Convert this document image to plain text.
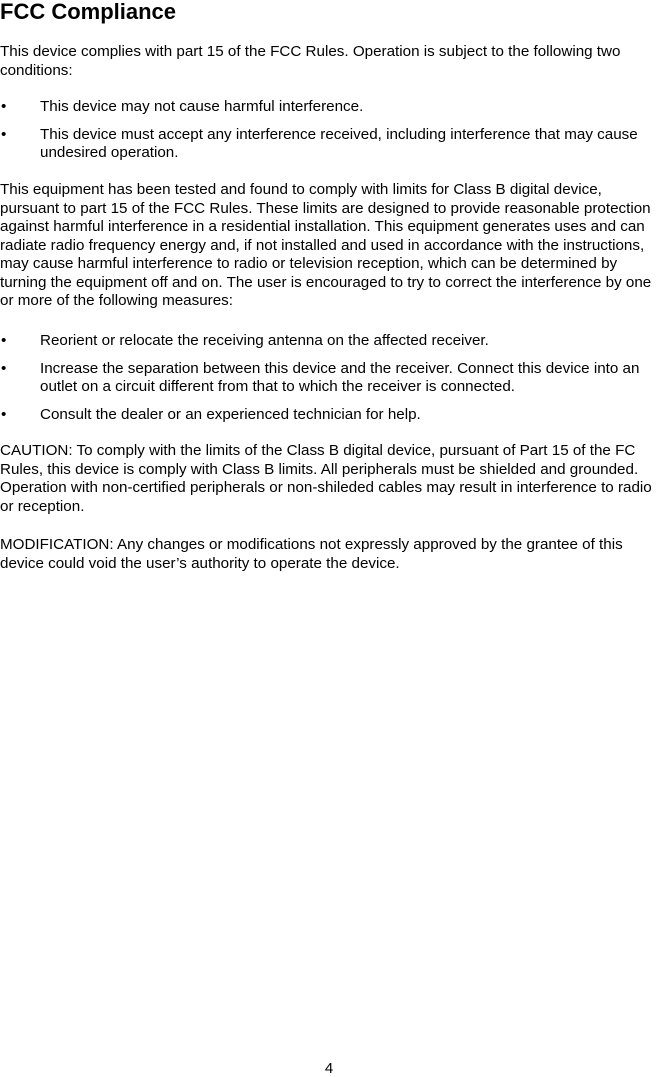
FCC Compliance

This device complies with part 15 of the FCC Rules. Operation is subject to the following two conditions:

•	This device may not cause harmful interference.
•	This device must accept any interference received, including interference that may cause undesired operation.

This equipment has been tested and found to comply with limits for Class B digital device, pursuant to part 15 of the FCC Rules. These limits are designed to provide reasonable protection against harmful interference in a residential installation. This equipment generates uses and can radiate radio frequency energy and, if not installed and used in accordance with the instructions, may cause harmful interference to radio or television reception, which can be determined by turning the equipment off and on. The user is encouraged to try to correct the interference by one or more of the following measures:

•	Reorient or relocate the receiving antenna on the affected receiver.
•	Increase the separation between this device and the receiver. Connect this device into an outlet on a circuit different from that to which the receiver is connected.
•	Consult the dealer or an experienced technician for help.

CAUTION: To comply with the limits of the Class B digital device, pursuant of Part 15 of the FC Rules, this device is comply with Class B limits. All peripherals must be shielded and grounded. Operation with non-certified peripherals or non-shileded cables may result in interference to radio or reception.

MODIFICATION: Any changes or modifications not expressly approved by the grantee of this device could void the user’s authority to operate the device.

4
